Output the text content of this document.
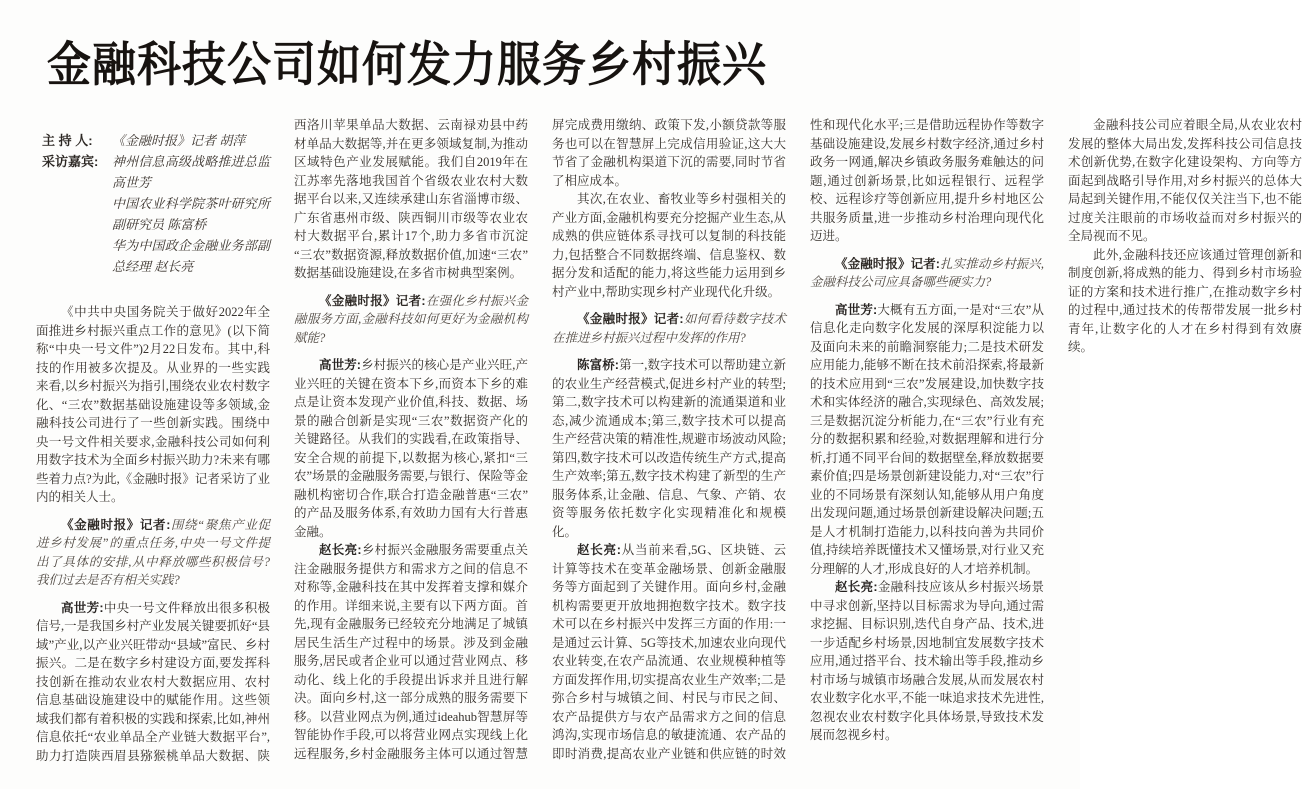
金融科技公司如何发力服务乡村振兴
主 持 人:	《金融时报》记者 胡萍
采访嘉宾:	神州信息高级战略推进总监 高世芳
中国农业科学院茶叶研究所副研究员 陈富桥
华为中国政企金融业务部副总经理 赵长亮

《中共中央国务院关于做好2022年全面推进乡村振兴重点工作的意见》(以下简称“中央一号文件”)2月22日发布。其中,科技的作用被多次提及。从业界的一些实践来看,以乡村振兴为指引,围绕农业农村数字化、“三农”数据基础设施建设等多领域,金融科技公司进行了一些创新实践。围绕中央一号文件相关要求,金融科技公司如何利用数字技术为全面乡村振兴助力?未来有哪些着力点?为此,《金融时报》记者采访了业内的相关人士。

《金融时报》记者:围绕“聚焦产业促进乡村发展”的重点任务,中央一号文件提出了具体的安排,从中释放哪些积极信号?我们过去是否有相关实践?

高世芳:中央一号文件释放出很多积极信号,一是我国乡村产业发展关键要抓好“县域”产业,以产业兴旺带动“县域”富民、乡村振兴。二是在数字乡村建设方面,要发挥科技创新在推动农业农村大数据应用、农村信息基础设施建设中的赋能作用。这些领域我们都有着积极的实践和探索,比如,神州信息依托“农业单品全产业链大数据平台”,助力打造陕西眉县猕猴桃单品大数据、陕西洛川苹果单品大数据、云南禄劝县中药材单品大数据等,并在更多领域复制,为推动区域特色产业发展赋能。我们自2019年在江苏率先落地我国首个省级农业农村大数据平台以来,又连续承建山东省淄博市级、广东省惠州市级、陕西铜川市级等农业农村大数据平台,累计17个,助力多省市沉淀“三农”数据资源,释放数据价值,加速“三农”数据基础设施建设,在多省市树典型案例。

《金融时报》记者:在强化乡村振兴金融服务方面,金融科技如何更好为金融机构赋能?

高世芳:乡村振兴的核心是产业兴旺,产业兴旺的关键在资本下乡,而资本下乡的难点是让资本发现产业价值,科技、数据、场景的融合创新是实现“三农”数据资产化的关键路径。从我们的实践看,在政策指导、安全合规的前提下,以数据为核心,紧扣“三农”场景的金融服务需要,与银行、保险等金融机构密切合作,联合打造金融普惠“三农”的产品及服务体系,有效助力国有大行普惠金融。

赵长亮:乡村振兴金融服务需要重点关注金融服务提供方和需求方之间的信息不对称等,金融科技在其中发挥着支撑和媒介的作用。详细来说,主要有以下两方面。首先,现有金融服务已经较充分地满足了城镇居民生活生产过程中的场景。涉及到金融服务,居民或者企业可以通过营业网点、移动化、线上化的手段提出诉求并且进行解决。面向乡村,这一部分成熟的服务需要下移。以营业网点为例,通过ideahub智慧屏等智能协作手段,可以将营业网点实现线上化远程服务,乡村金融服务主体可以通过智慧屏完成费用缴纳、政策下发,小额贷款等服务也可以在智慧屏上完成信用验证,这大大节省了金融机构渠道下沉的需要,同时节省了相应成本。

其次,在农业、畜牧业等乡村强相关的产业方面,金融机构要充分挖掘产业生态,从成熟的供应链体系寻找可以复制的科技能力,包括整合不同数据终端、信息鉴权、数据分发和适配的能力,将这些能力运用到乡村产业中,帮助实现乡村产业现代化升级。

《金融时报》记者:如何看待数字技术在推进乡村振兴过程中发挥的作用?

陈富桥:第一,数字技术可以帮助建立新的农业生产经营模式,促进乡村产业的转型;第二,数字技术可以构建新的流通渠道和业态,减少流通成本;第三,数字技术可以提高生产经营决策的精准性,规避市场波动风险;第四,数字技术可以改造传统生产方式,提高生产效率;第五,数字技术构建了新型的生产服务体系,让金融、信息、气象、产销、农资等服务依托数字化实现精准化和规模化。

赵长亮:从当前来看,5G、区块链、云计算等技术在变革金融场景、创新金融服务等方面起到了关键作用。面向乡村,金融机构需要更开放地拥抱数字技术。数字技术可以在乡村振兴中发挥三方面的作用:一是通过云计算、5G等技术,加速农业向现代农业转变,在农产品流通、农业规模种植等方面发挥作用,切实提高农业生产效率;二是弥合乡村与城镇之间、村民与市民之间、农产品提供方与农产品需求方之间的信息鸿沟,实现市场信息的敏捷流通、农产品的即时消费,提高农业产业链和供应链的时效性和现代化水平;三是借助远程协作等数字基础设施建设,发展乡村数字经济,通过乡村政务一网通,解决乡镇政务服务难触达的问题,通过创新场景,比如远程银行、远程学校、远程诊疗等创新应用,提升乡村地区公共服务质量,进一步推动乡村治理向现代化迈进。

《金融时报》记者:扎实推动乡村振兴,金融科技公司应具备哪些硬实力?

高世芳:大概有五方面,一是对“三农”从信息化走向数字化发展的深厚积淀能力以及面向未来的前瞻洞察能力;二是技术研发应用能力,能够不断在技术前沿探索,将最新的技术应用到“三农”发展建设,加快数字技术和实体经济的融合,实现绿色、高效发展;三是数据沉淀分析能力,在“三农”行业有充分的数据积累和经验,对数据理解和进行分析,打通不同平台间的数据壁垒,释放数据要素价值;四是场景创新建设能力,对“三农”行业的不同场景有深刻认知,能够从用户角度出发现问题,通过场景创新建设解决问题;五是人才机制打造能力,以科技向善为共同价值,持续培养既懂技术又懂场景,对行业又充分理解的人才,形成良好的人才培养机制。

赵长亮:金融科技应该从乡村振兴场景中寻求创新,坚持以目标需求为导向,通过需求挖掘、目标识别,迭代自身产品、技术,进一步适配乡村场景,因地制宜发展数字技术应用,通过搭平台、技术输出等手段,推动乡村市场与城镇市场融合发展,从而发展农村农业数字化水平,不能一味追求技术先进性,忽视农业农村数字化具体场景,导致技术发展而忽视乡村。

金融科技公司应着眼全局,从农业农村发展的整体大局出发,发挥科技公司信息技术创新优势,在数字化建设架构、方向等方面起到战略引导作用,对乡村振兴的总体大局起到关键作用,不能仅仅关注当下,也不能过度关注眼前的市场收益而对乡村振兴的全局视而不见。

此外,金融科技还应该通过管理创新和制度创新,将成熟的能力、得到乡村市场验证的方案和技术进行推广,在推动数字乡村的过程中,通过技术的传帮带发展一批乡村青年,让数字化的人才在乡村得到有效赓续。
